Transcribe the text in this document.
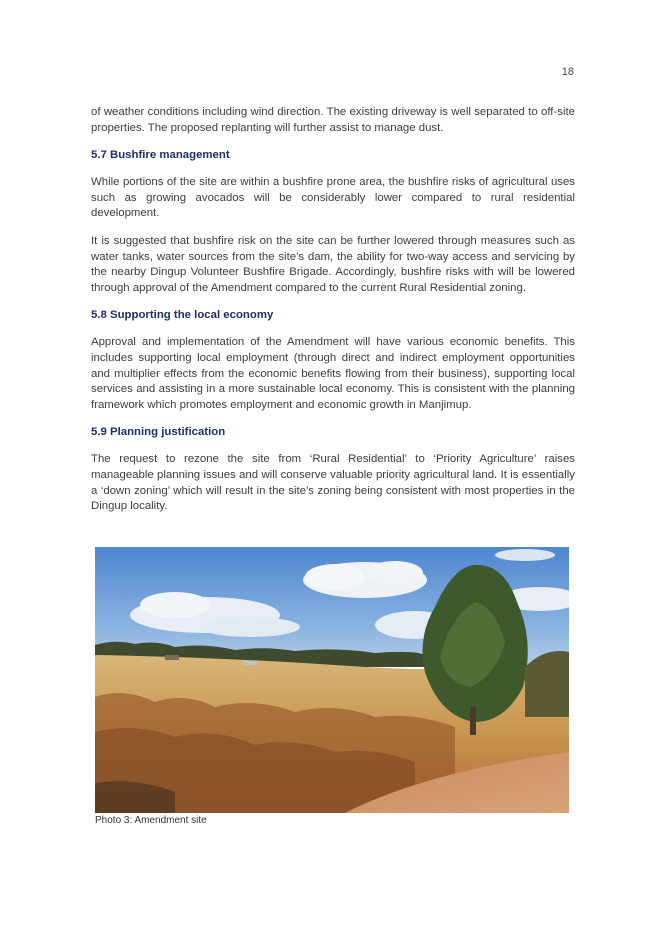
18

of weather conditions including wind direction. The existing driveway is well separated to off-site properties. The proposed replanting will further assist to manage dust.

5.7 Bushfire management

While portions of the site are within a bushfire prone area, the bushfire risks of agricultural uses such as growing avocados will be considerably lower compared to rural residential development.

It is suggested that bushfire risk on the site can be further lowered through measures such as water tanks, water sources from the site’s dam, the ability for two-way access and servicing by the nearby Dingup Volunteer Bushfire Brigade. Accordingly, bushfire risks with will be lowered through approval of the Amendment compared to the current Rural Residential zoning.

5.8 Supporting the local economy

Approval and implementation of the Amendment will have various economic benefits. This includes supporting local employment (through direct and indirect employment opportunities and multiplier effects from the economic benefits flowing from their business), supporting local services and assisting in a more sustainable local economy. This is consistent with the planning framework which promotes employment and economic growth in Manjimup.

5.9 Planning justification

The request to rezone the site from ‘Rural Residential’ to ‘Priority Agriculture’ raises manageable planning issues and will conserve valuable priority agricultural land. It is essentially a ‘down zoning’ which will result in the site’s zoning being consistent with most properties in the Dingup locality.

Photo 3: Amendment site
